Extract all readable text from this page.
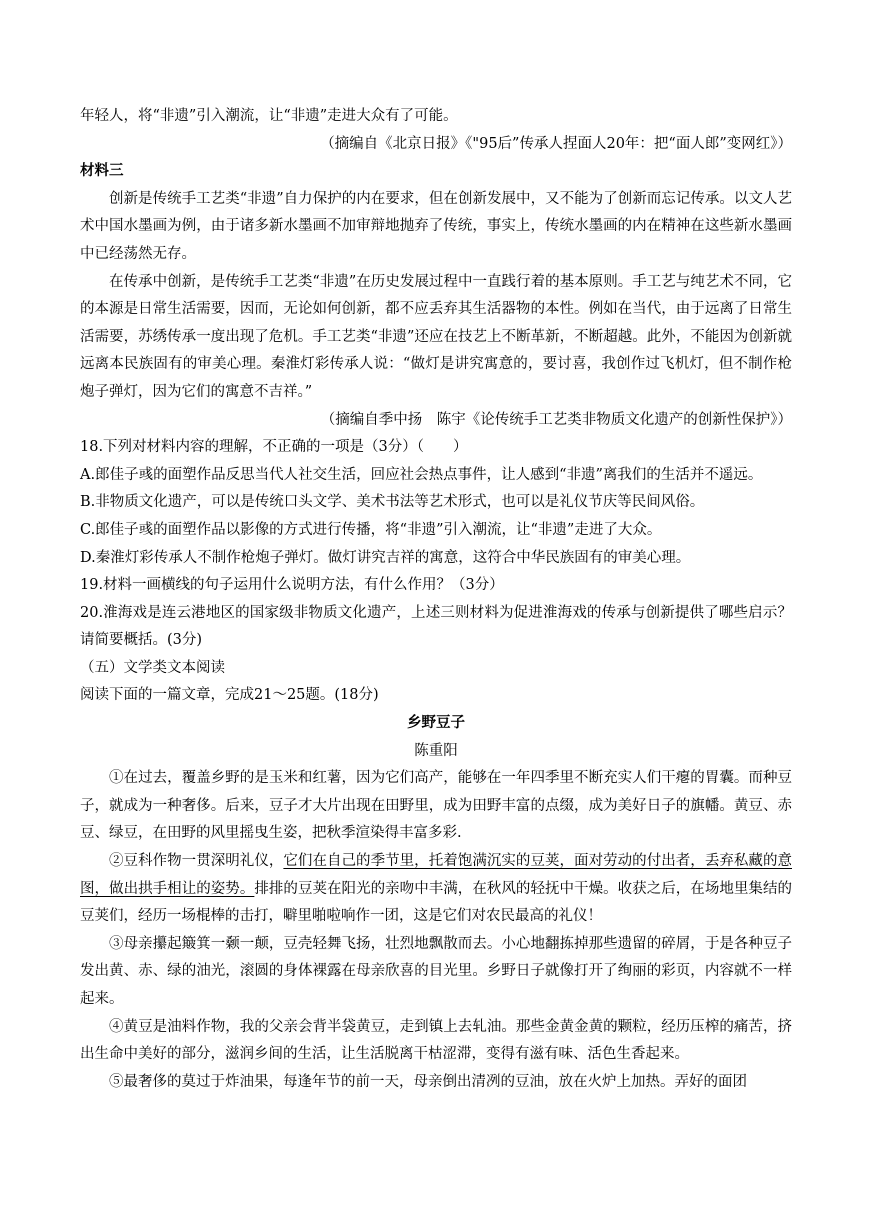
年轻人，将“非遗”引入潮流，让“非遗”走进大众有了可能。

（摘编自《北京日报》《"95后”传承人捏面人20年：把“面人郎”变网红》）

材料三

创新是传统手工艺类“非遗”自力保护的内在要求，但在创新发展中，又不能为了创新而忘记传承。以文人艺术中国水墨画为例，由于诸多新水墨画不加审辩地抛弃了传统，事实上，传统水墨画的内在精神在这些新水墨画中已经荡然无存。

在传承中创新，是传统手工艺类“非遗”在历史发展过程中一直践行着的基本原则。手工艺与纯艺术不同，它的本源是日常生活需要，因而，无论如何创新，都不应丢弃其生活器物的本性。例如在当代，由于远离了日常生活需要，苏绣传承一度出现了危机。手工艺类“非遗”还应在技艺上不断革新，不断超越。此外，不能因为创新就远离本民族固有的审美心理。秦淮灯彩传承人说：“做灯是讲究寓意的，要讨喜，我创作过飞机灯，但不制作枪炮子弹灯，因为它们的寓意不吉祥。”

（摘编自季中扬　陈宇《论传统手工艺类非物质文化遗产的创新性保护》）

18.下列对材料内容的理解，不正确的一项是（3分）（　　）

A.郎佳子彧的面塑作品反思当代人社交生活，回应社会热点事件，让人感到“非遗”离我们的生活并不遥远。

B.非物质文化遗产，可以是传统口头文学、美术书法等艺术形式，也可以是礼仪节庆等民间风俗。

C.郎佳子彧的面塑作品以影像的方式进行传播，将“非遗”引入潮流，让“非遗”走进了大众。

D.秦淮灯彩传承人不制作枪炮子弹灯。做灯讲究吉祥的寓意，这符合中华民族固有的审美心理。

19.材料一画横线的句子运用什么说明方法，有什么作用？（3分）

20.淮海戏是连云港地区的国家级非物质文化遗产，上述三则材料为促进淮海戏的传承与创新提供了哪些启示？请简要概括。(3分)

（五）文学类文本阅读

阅读下面的一篇文章，完成21～25题。(18分)

乡野豆子

陈重阳

①在过去，覆盖乡野的是玉米和红薯，因为它们高产，能够在一年四季里不断充实人们干瘪的胃囊。而种豆子，就成为一种奢侈。后来，豆子才大片出现在田野里，成为田野丰富的点缀，成为美好日子的旗幡。黄豆、赤豆、绿豆，在田野的风里摇曳生姿，把秋季渲染得丰富多彩.

②豆科作物一贯深明礼仪，它们在自己的季节里，托着饱满沉实的豆荚，面对劳动的付出者，丢弃私藏的意图，做出拱手相让的姿势。排排的豆荚在阳光的亲吻中丰满，在秋风的轻抚中干燥。收获之后，在场地里集结的豆荚们，经历一场棍棒的击打，噼里啪啦响作一团，这是它们对农民最高的礼仪！

③母亲攥起簸箕一颡一颠，豆壳轻舞飞扬，壮烈地飘散而去。小心地翻拣掉那些遗留的碎屑，于是各种豆子发出黄、赤、绿的油光，滚圆的身体裸露在母亲欣喜的目光里。乡野日子就像打开了绚丽的彩页，内容就不一样起来。

④黄豆是油料作物，我的父亲会背半袋黄豆，走到镇上去轧油。那些金黄金黄的颗粒，经历压榨的痛苦，挤出生命中美好的部分，滋润乡间的生活，让生活脱离干枯涩滞，变得有滋有味、活色生香起来。

⑤最奢侈的莫过于炸油果，每逢年节的前一天，母亲倒出清冽的豆油，放在火炉上加热。弄好的面团
